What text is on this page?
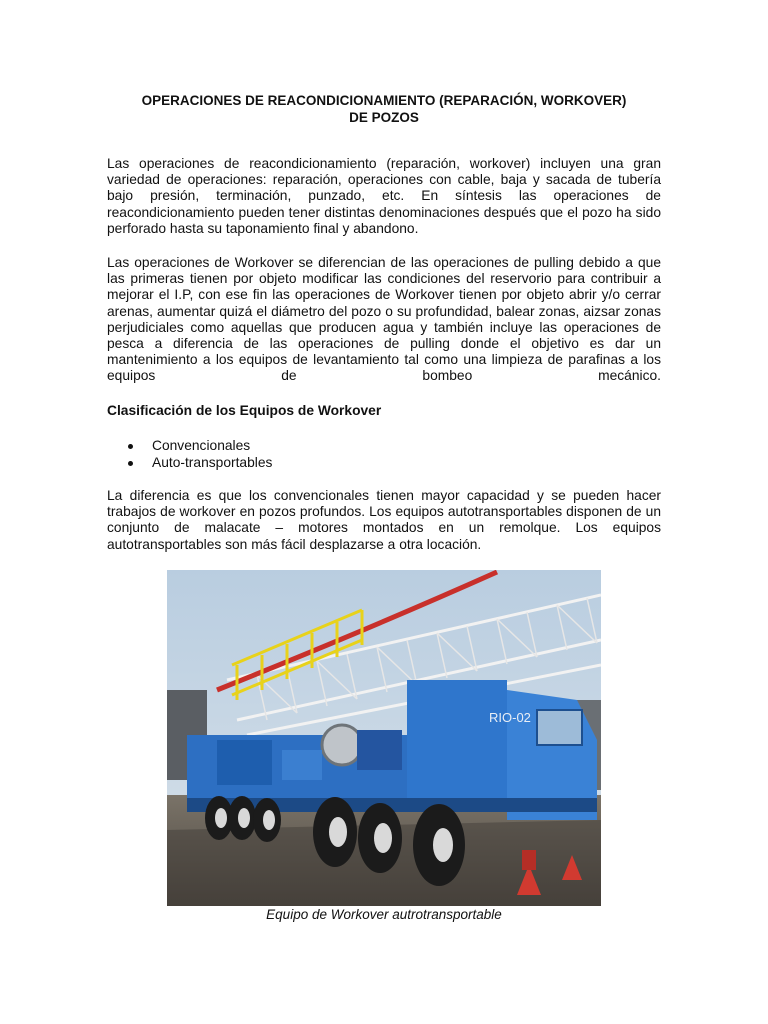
OPERACIONES DE REACONDICIONAMIENTO (REPARACIÓN, WORKOVER)
DE POZOS

Las operaciones de reacondicionamiento (reparación, workover) incluyen una gran variedad de operaciones: reparación, operaciones con cable, baja y sacada de tubería bajo presión, terminación, punzado, etc. En síntesis las operaciones de reacondicionamiento pueden tener distintas denominaciones después que el pozo ha sido perforado hasta su taponamiento final y abandono.

Las operaciones de Workover se diferencian de las operaciones de pulling debido a que las primeras tienen por objeto modificar las condiciones del reservorio para contribuir a mejorar el I.P, con ese fin las operaciones de Workover tienen por objeto abrir y/o cerrar arenas, aumentar quizá el diámetro del pozo o su profundidad, balear zonas, aizsar zonas perjudiciales como aquellas que producen agua y también incluye las operaciones de pesca a diferencia de las operaciones de pulling donde el objetivo es dar un mantenimiento a los equipos de levantamiento tal como una limpieza de parafinas a los equipos de bombeo mecánico.

Clasificación de los Equipos de Workover
Convencionales
Auto-transportables

La diferencia es que los convencionales tienen mayor capacidad y se pueden hacer trabajos de workover en pozos profundos. Los equipos autotransportables disponen de un conjunto de malacate – motores montados en un remolque. Los equipos autotransportables son más fácil desplazarse a otra locación.

RIO-02
Equipo de Workover autrotransportable
